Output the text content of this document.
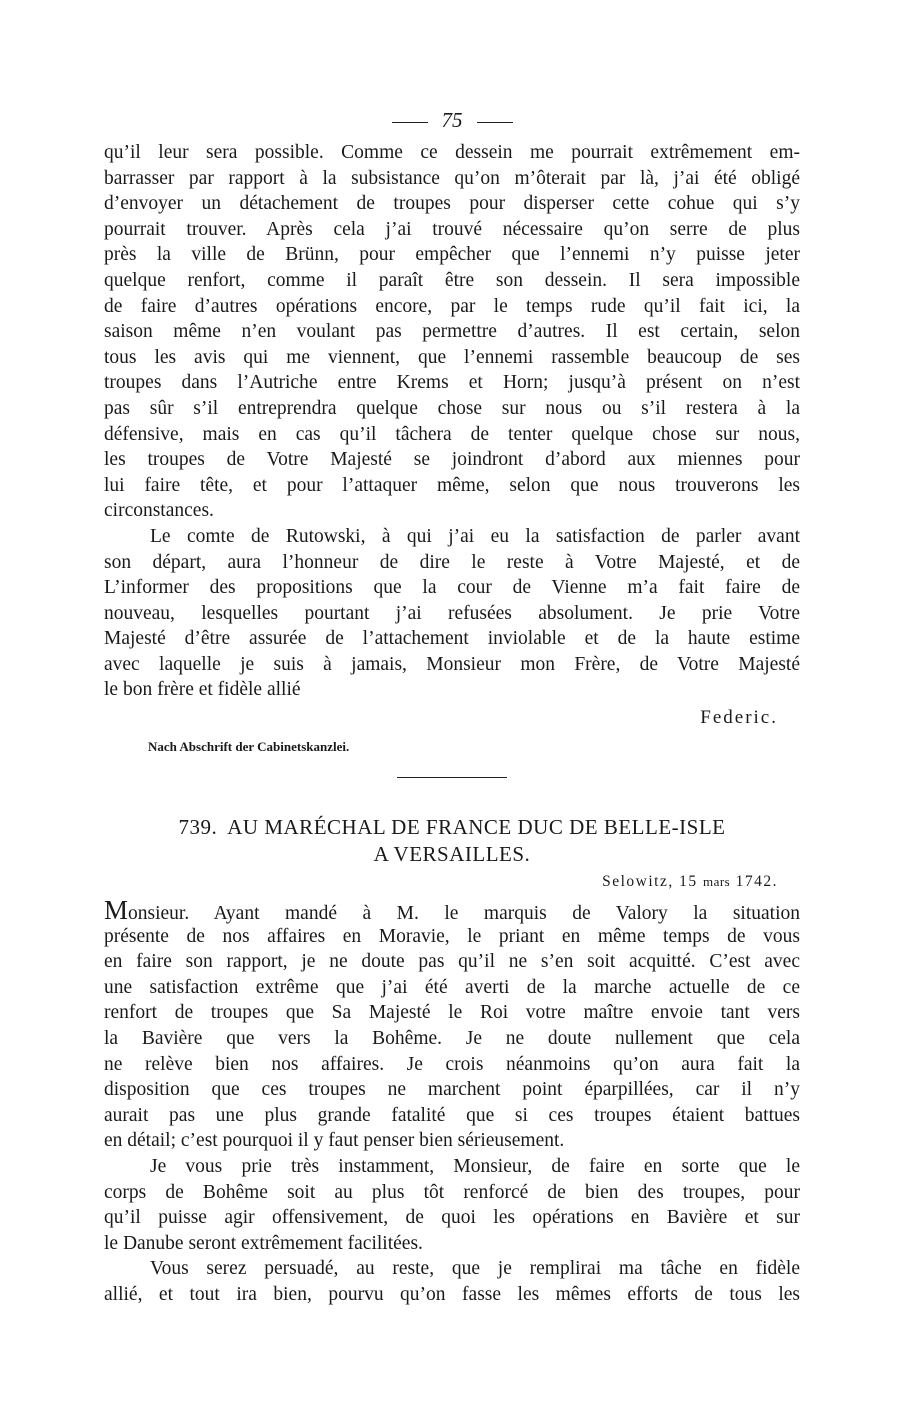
75
qu’il leur sera possible. Comme ce dessein me pourrait extrêmement em-
barrasser par rapport à la subsistance qu’on m’ôterait par là, j’ai été obligé
d’envoyer un détachement de troupes pour disperser cette cohue qui s’y
pourrait trouver. Après cela j’ai trouvé nécessaire qu’on serre de plus
près la ville de Brünn, pour empêcher que l’ennemi n’y puisse jeter
quelque renfort, comme il paraît être son dessein. Il sera impossible
de faire d’autres opérations encore, par le temps rude qu’il fait ici, la
saison même n’en voulant pas permettre d’autres. Il est certain, selon
tous les avis qui me viennent, que l’ennemi rassemble beaucoup de ses
troupes dans l’Autriche entre Krems et Horn; jusqu’à présent on n’est
pas sûr s’il entreprendra quelque chose sur nous ou s’il restera à la
défensive, mais en cas qu’il tâchera de tenter quelque chose sur nous,
les troupes de Votre Majesté se joindront d’abord aux miennes pour
lui faire tête, et pour l’attaquer même, selon que nous trouverons les
circonstances.
Le comte de Rutowski, à qui j’ai eu la satisfaction de parler avant
son départ, aura l’honneur de dire le reste à Votre Majesté, et de
L’informer des propositions que la cour de Vienne m’a fait faire de
nouveau, lesquelles pourtant j’ai refusées absolument. Je prie Votre
Majesté d’être assurée de l’attachement inviolable et de la haute estime
avec laquelle je suis à jamais, Monsieur mon Frère, de Votre Majesté
le bon frère et fidèle allié
Federic.
Nach Abschrift der Cabinetskanzlei.
739. AU MARÉCHAL DE FRANCE DUC DE BELLE-ISLE
A VERSAILLES.
Selowitz, 15 mars 1742.
Monsieur. Ayant mandé à M. le marquis de Valory la situation
présente de nos affaires en Moravie, le priant en même temps de vous
en faire son rapport, je ne doute pas qu’il ne s’en soit acquitté. C’est avec
une satisfaction extrême que j’ai été averti de la marche actuelle de ce
renfort de troupes que Sa Majesté le Roi votre maître envoie tant vers
la Bavière que vers la Bohême. Je ne doute nullement que cela
ne relève bien nos affaires. Je crois néanmoins qu’on aura fait la
disposition que ces troupes ne marchent point éparpillées, car il n’y
aurait pas une plus grande fatalité que si ces troupes étaient battues
en détail; c’est pourquoi il y faut penser bien sérieusement.
Je vous prie très instamment, Monsieur, de faire en sorte que le
corps de Bohême soit au plus tôt renforcé de bien des troupes, pour
qu’il puisse agir offensivement, de quoi les opérations en Bavière et sur
le Danube seront extrêmement facilitées.
Vous serez persuadé, au reste, que je remplirai ma tâche en fidèle
allié, et tout ira bien, pourvu qu’on fasse les mêmes efforts de tous les
